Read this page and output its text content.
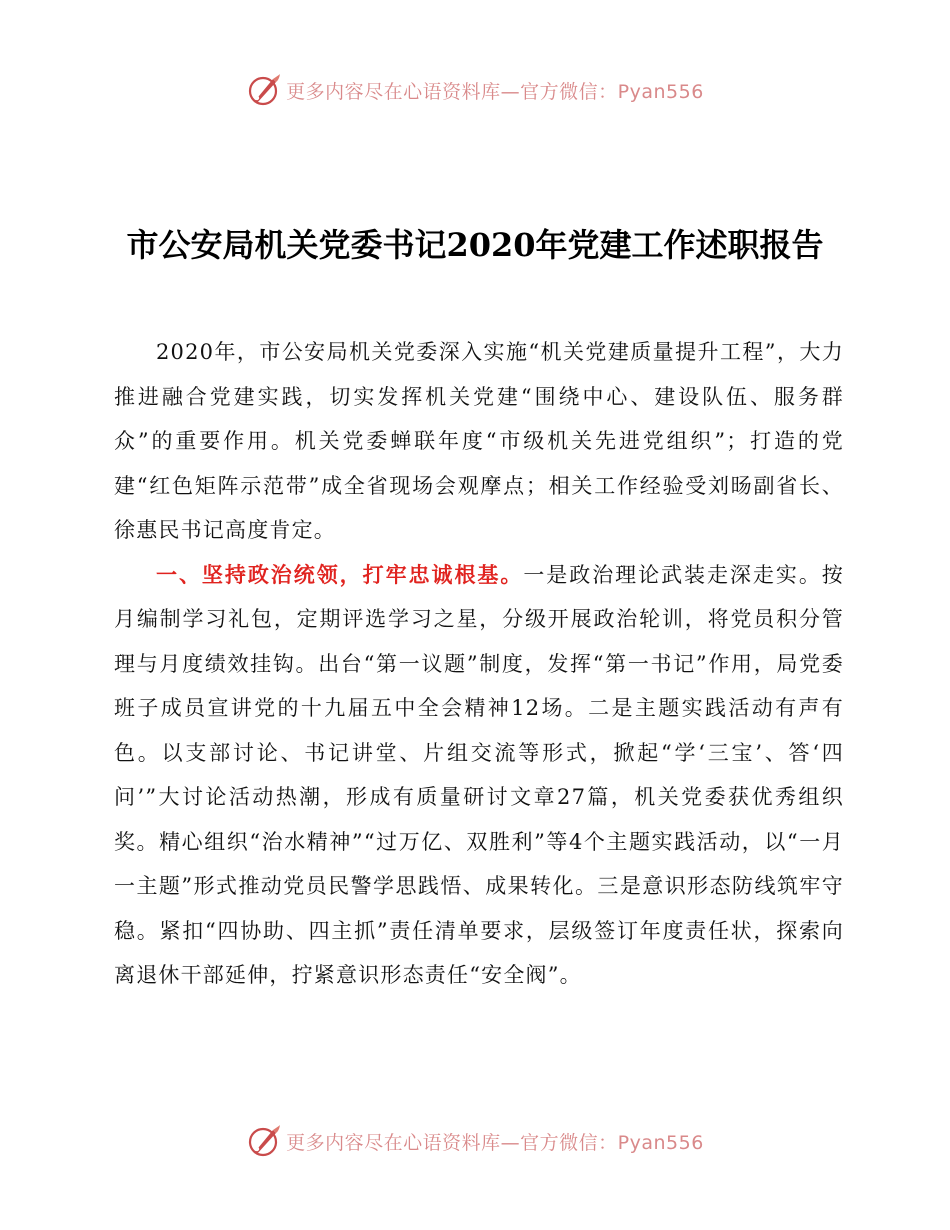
更多内容尽在心语资料库—官方微信：Pyan556
市公安局机关党委书记2020年党建工作述职报告

2020年，市公安局机关党委深入实施“机关党建质量提升工程”，大力推进融合党建实践，切实发挥机关党建“围绕中心、建设队伍、服务群众”的重要作用。机关党委蝉联年度“市级机关先进党组织”；打造的党建“红色矩阵示范带”成全省现场会观摩点；相关工作经验受刘旸副省长、徐惠民书记高度肯定。

一、坚持政治统领，打牢忠诚根基。一是政治理论武装走深走实。按月编制学习礼包，定期评选学习之星，分级开展政治轮训，将党员积分管理与月度绩效挂钩。出台“第一议题”制度，发挥“第一书记”作用，局党委班子成员宣讲党的十九届五中全会精神12场。二是主题实践活动有声有色。以支部讨论、书记讲堂、片组交流等形式，掀起“学‘三宝’、答‘四问’”大讨论活动热潮，形成有质量研讨文章27篇，机关党委获优秀组织奖。精心组织“治水精神”“过万亿、双胜利”等4个主题实践活动，以“一月一主题”形式推动党员民警学思践悟、成果转化。三是意识形态防线筑牢守稳。紧扣“四协助、四主抓”责任清单要求，层级签订年度责任状，探索向离退休干部延伸，拧紧意识形态责任“安全阀”。

更多内容尽在心语资料库—官方微信：Pyan556
